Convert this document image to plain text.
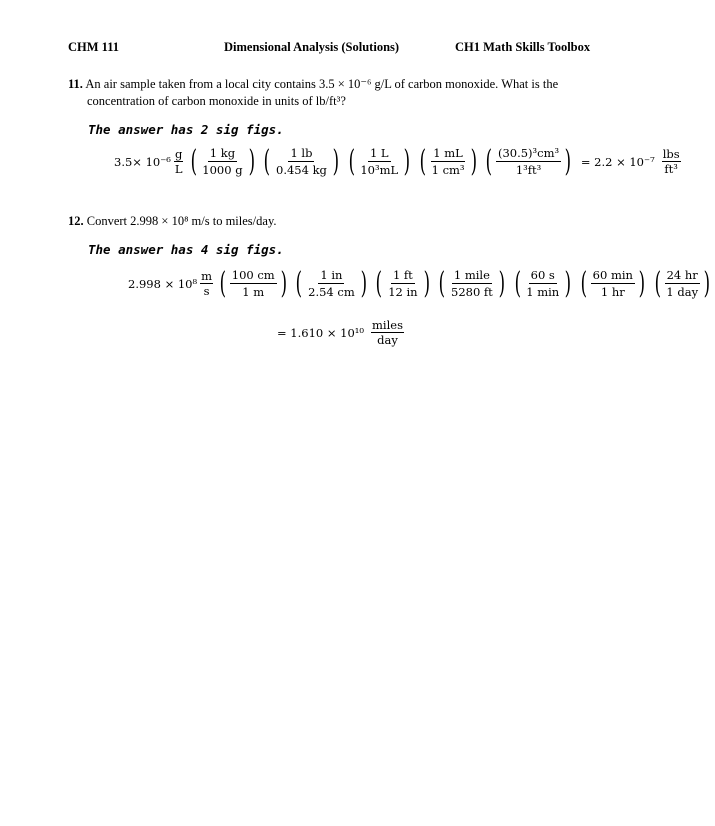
CHM 111	Dimensional Analysis (Solutions)	CH1 Math Skills Toolbox
11. An air sample taken from a local city contains 3.5 × 10⁻⁶ g/L of carbon monoxide. What is the
concentration of carbon monoxide in units of lb/ft³?
The answer has 2 sig figs.
$3.5\times 10^{-6} \frac{g}{L}$ ( $\frac{1 kg}{1000 g}$ ) ( $\frac{1 lb}{0.454 kg}$ ) ( $\frac{1 L}{\text{10³mL}}$ ) ( $\frac{1 mL}{\text{1 cm³}}$ ) ( $\frac{\text{(30.5)³cm³}}{\text{1³ft³}}$ ) = $2.2 \times 10^{-7} \frac{\text{lbs}}{\text{ft³}}$
12. Convert 2.998 × 10⁸ m/s to miles/day.
The answer has 4 sig figs.
$2.998 \times 10^8 \frac{m}{s}$ ( $\frac{100 cm}{1 m}$ ) ( $\frac{1 in}{2.54 cm}$ ) ( $\frac{1 ft}{12 in}$ ) ( $\frac{\text{1 mile}}{5280 ft}$ ) ( $\frac{60 s}{1 \min}$ ) ( $\frac{60 \min}{1 hr}$ ) ( $\frac{24 hr}{\text{1 day}}$ )
= $1.610 \times 10^{10} \frac{\text{miles}}{\text{day}}$
